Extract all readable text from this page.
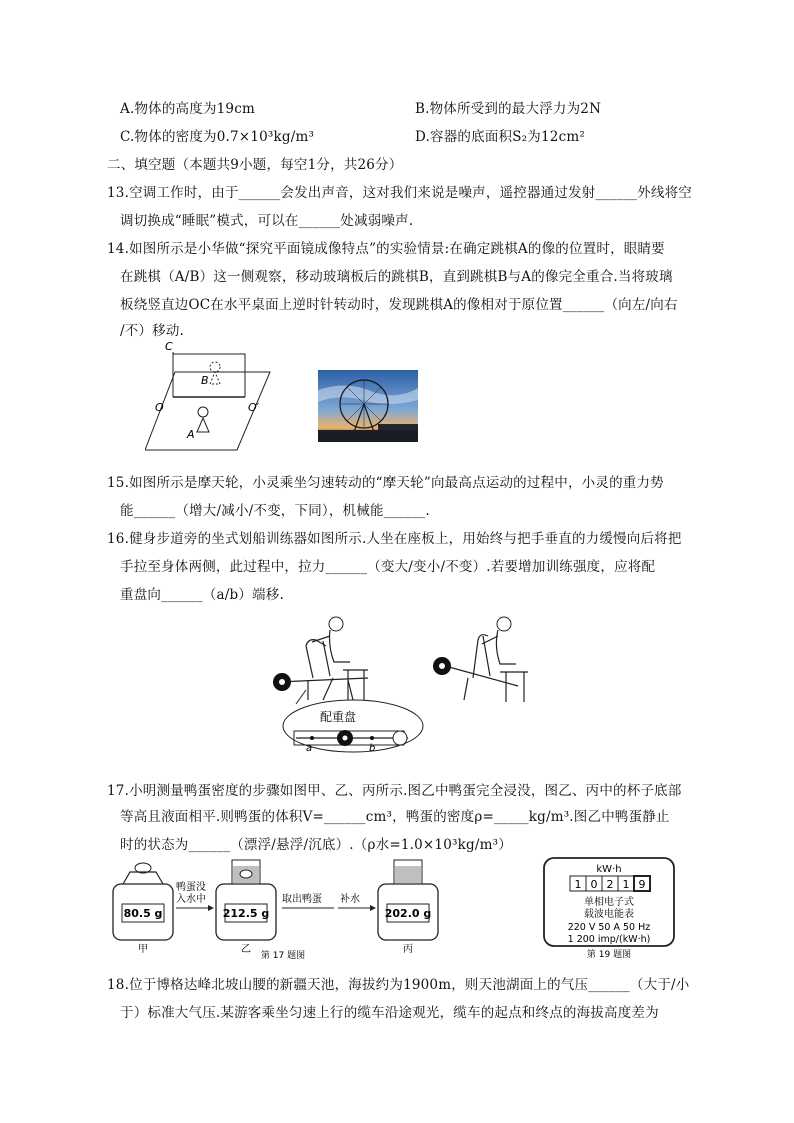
A.物体的高度为19cm	B.物体所受到的最大浮力为2N
C.物体的密度为0.7×10³kg/m³	D.容器的底面积S₂为12cm²
二、填空题（本题共9小题，每空1分，共26分）
13.空调工作时，由于______会发出声音，这对我们来说是噪声，遥控器通过发射______外线将空
调切换成“睡眠”模式，可以在______处减弱噪声.
14.如图所示是小华做“探究平面镜成像特点”的实验情景:在确定跳棋A的像的位置时，眼睛要
在跳棋（A/B）这一侧观察，移动玻璃板后的跳棋B，直到跳棋B与A的像完全重合.当将玻璃
板绕竖直边OC在水平桌面上逆时针转动时，发现跳棋A的像相对于原位置______（向左/向右
/不）移动.
C
B
O	O′
A
15.如图所示是摩天轮，小灵乘坐匀速转动的“摩天轮”向最高点运动的过程中，小灵的重力势
能______（增大/减小/不变，下同），机械能______.
16.健身步道旁的坐式划船训练器如图所示.人坐在座板上，用始终与把手垂直的力缓慢向后将把
手拉至身体两侧，此过程中，拉力______（变大/变小/不变）.若要增加训练强度，应将配
重盘向______（a/b）端移.
配重盘
a	b
17.小明测量鸭蛋密度的步骤如图甲、乙、丙所示.图乙中鸭蛋完全浸没，图乙、丙中的杯子底部
等高且液面相平.则鸭蛋的体积V=______cm³，鸭蛋的密度ρ=_____kg/m³.图乙中鸭蛋静止
时的状态为______（漂浮/悬浮/沉底）.（ρ水=1.0×10³kg/m³）
80.5 g
甲
鸭蛋没
入水中
212.5 g
乙
取出鸭蛋 补水
202.0 g
丙
第 17 题图
kW·h
1 0 2 1 9
单相电子式
载波电能表
220 V 50 A 50 Hz
1 200 imp/(kW·h)
第 19 题图
18.位于博格达峰北坡山腰的新疆天池，海拔约为1900m，则天池湖面上的气压______（大于/小
于）标准大气压.某游客乘坐匀速上行的缆车沿途观光，缆车的起点和终点的海拔高度差为
